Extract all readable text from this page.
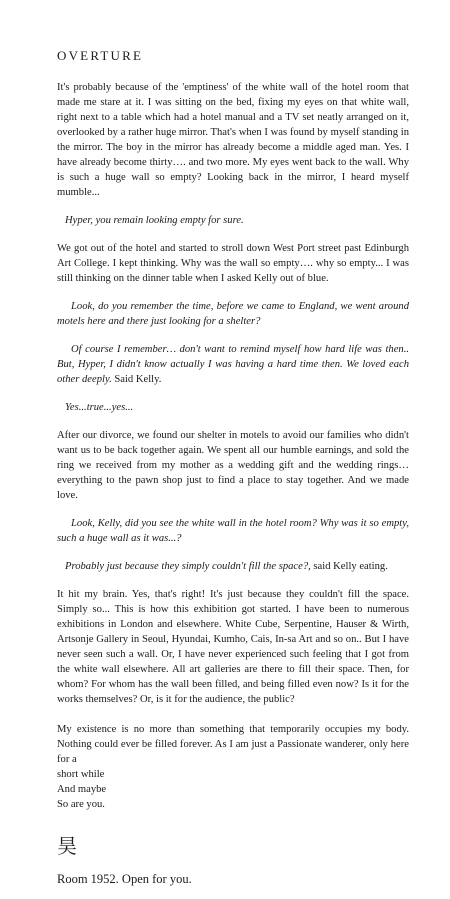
OVERTURE

It's probably because of the 'emptiness' of the white wall of the hotel room that made me stare at it. I was sitting on the bed, fixing my eyes on that white wall, right next to a table which had a hotel manual and a TV set neatly arranged on it, overlooked by a rather huge mirror. That's when I was found by myself standing in the mirror. The boy in the mirror has already become a middle aged man. Yes. I have already become thirty…. and two more. My eyes went back to the wall. Why is such a huge wall so empty? Looking back in the mirror, I heard myself mumble...

Hyper, you remain looking empty for sure.

We got out of the hotel and started to stroll down West Port street past Edinburgh Art College. I kept thinking. Why was the wall so empty…. why so empty... I was still thinking on the dinner table when I asked Kelly out of blue.

Look, do you remember the time, before we came to England, we went around motels here and there just looking for a shelter?

Of course I remember… don't want to remind myself how hard life was then.. But, Hyper, I didn't know actually I was having a hard time then. We loved each other deeply. Said Kelly.

Yes...true...yes...

After our divorce, we found our shelter in motels to avoid our families who didn't want us to be back together again. We spent all our humble earnings, and sold the ring we received from my mother as a wedding gift and the wedding rings…everything to the pawn shop just to find a place to stay together. And we made love.

Look, Kelly, did you see the white wall in the hotel room? Why was it so empty, such a huge wall as it was...?

Probably just because they simply couldn't fill the space?, said Kelly eating.

It hit my brain. Yes, that's right! It's just because they couldn't fill the space. Simply so... This is how this exhibition got started. I have been to numerous exhibitions in London and elsewhere. White Cube, Serpentine, Hauser & Wirth, Artsonje Gallery in Seoul, Hyundai, Kumho, Cais, In-sa Art and so on.. But I have never seen such a wall. Or, I have never experienced such feeling that I got from the white wall elsewhere. All art galleries are there to fill their space. Then, for whom? For whom has the wall been filled, and being filled even now? Is it for the works themselves? Or, is it for the audience, the public?

My existence is no more than something that temporarily occupies my body. Nothing could ever be filled forever. As I am just a Passionate wanderer, only here for a

short while
And maybe
So are you.
昊
Room 1952. Open for you.
